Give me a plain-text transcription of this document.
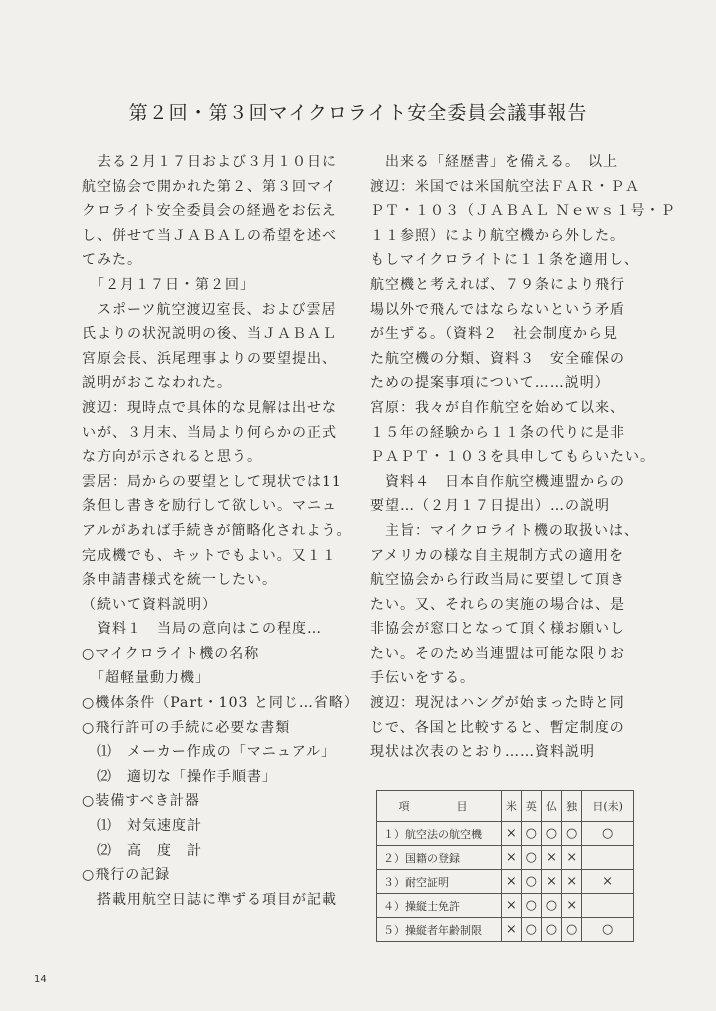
第２回・第３回マイクロライト安全委員会議事報告
　去る２月１７日および３月１０日に
航空協会で開かれた第２、第３回マイ
クロライト安全委員会の経過をお伝え
し、併せて当ＪＡＢＡＬの希望を述べ
てみた。
　「２月１７日・第２回」
　スポーツ航空渡辺室長、および雲居
氏よりの状況説明の後、当ＪＡＢＡＬ
宮原会長、浜尾理事よりの要望提出、
説明がおこなわれた。
渡辺：現時点で具体的な見解は出せな
いが、３月末、当局より何らかの正式
な方向が示されると思う。
雲居：局からの要望として現状では11
条但し書きを励行して欲しい。マニュ
アルがあれば手続きが簡略化されよう。
完成機でも、キットでもよい。又１１
条申請書様式を統一したい。
（続いて資料説明）
　資料１　当局の意向はこの程度…
○マイクロライト機の名称
　「超軽量動力機」
○機体条件（Part・103 と同じ…省略）
○飛行許可の手続に必要な書類
　⑴　メーカー作成の「マニュアル」
　⑵　適切な「操作手順書」
○装備すべき計器
　⑴　対気速度計
　⑵　高　度　計
○飛行の記録
　搭載用航空日誌に準ずる項目が記載
　出来る「経歴書」を備える。　以上
渡辺：米国では米国航空法ＦＡＲ・ＰＡ
ＰＴ・１０３（ＪＡＢＡＬ Ｎｅｗｓ１号・Ｐ
１１参照）により航空機から外した。
もしマイクロライトに１１条を適用し、
航空機と考えれば、７９条により飛行
場以外で飛んではならないという矛盾
が生ずる。（資料２　社会制度から見
た航空機の分類、資料３　安全確保の
ための提案事項について……説明）
宮原：我々が自作航空を始めて以来、
１５年の経験から１１条の代りに是非
ＰＡＰＴ・１０３を具申してもらいたい。
　資料４　日本自作航空機連盟からの
要望…（２月１７日提出）…の説明
　主旨：マイクロライト機の取扱いは、
アメリカの様な自主規制方式の適用を
航空協会から行政当局に要望して頂き
たい。又、それらの実施の場合は、是
非協会が窓口となって頂く様お願いし
たい。そのため当連盟は可能な限りお
手伝いをする。
渡辺：現況はハングが始まった時と同
じで、各国と比較すると、暫定制度の
現状は次表のとおり……資料説明
項　目	米	英	仏	独	日(未)
１）航空法の航空機	×	○	○	○	○
２）国籍の登録	×	○	×	×	
３）耐空証明	×	○	×	×	×
４）操縦士免許	×	○	○	×	
５）操縦者年齢制限	×	○	○	○	○
14
